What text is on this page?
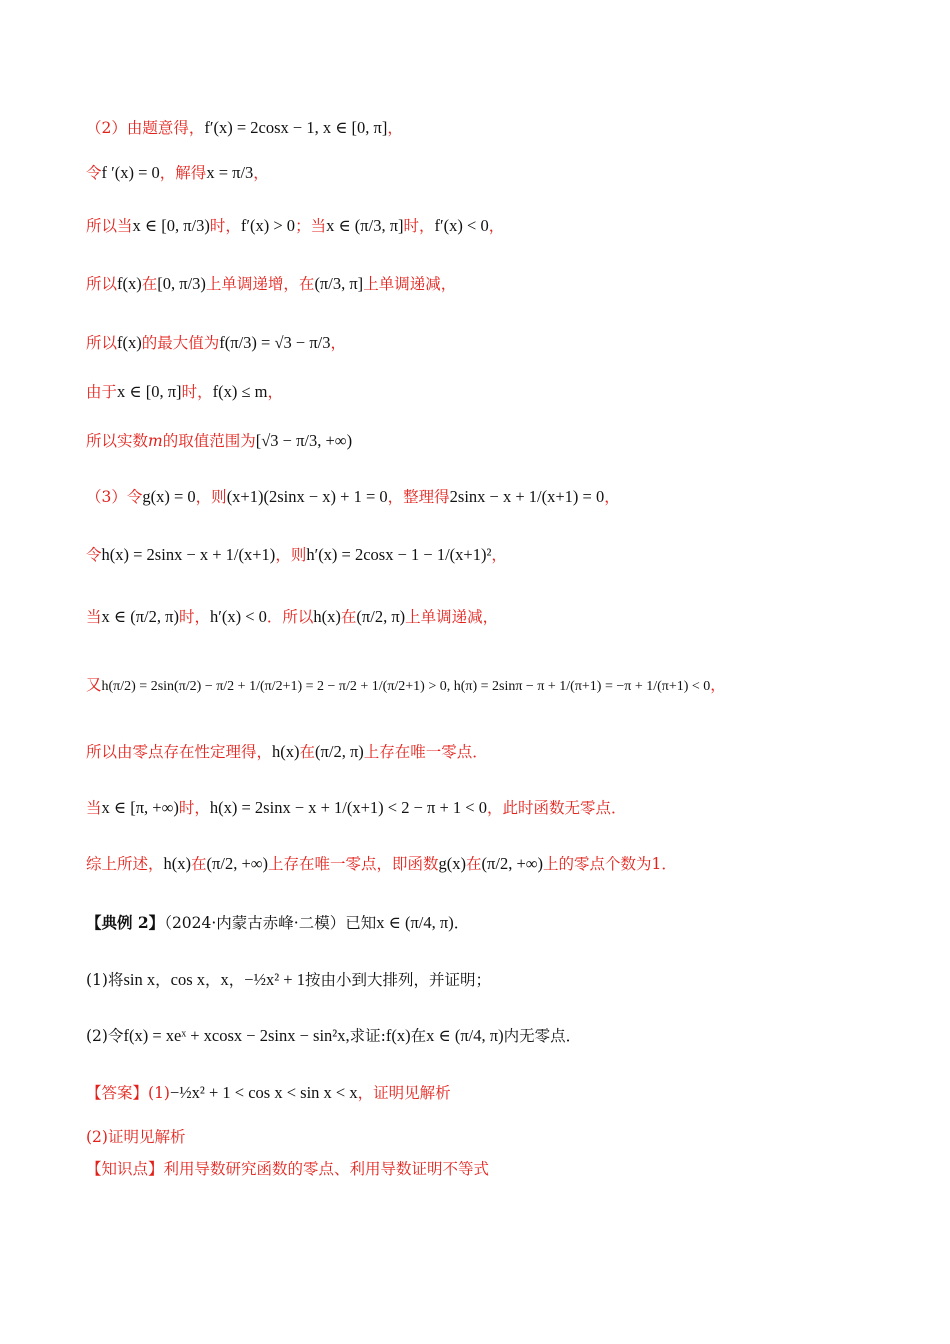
（2）由题意得，f′(x) = 2cosx − 1, x ∈ [0, π]，
令f ′(x) = 0，解得x = π/3，
所以当x ∈ [0, π/3)时，f′(x) > 0；当x ∈ (π/3, π]时，f′(x) < 0，
所以f(x)在[0, π/3)上单调递增，在(π/3, π]上单调递减，
所以f(x)的最大值为f(π/3) = √3 − π/3，
由于x ∈ [0, π]时，f(x) ≤ m，
所以实数m的取值范围为[√3 − π/3, +∞)
（3）令g(x) = 0，则(x+1)(2sinx − x) + 1 = 0，整理得2sinx − x + 1/(x+1) = 0，
令h(x) = 2sinx − x + 1/(x+1)，则h′(x) = 2cosx − 1 − 1/(x+1)²，
当x ∈ (π/2, π)时，h′(x) < 0．所以h(x)在(π/2, π)上单调递减，
又h(π/2) = 2sin(π/2) − π/2 + 1/(π/2+1) = 2 − π/2 + 1/(π/2+1) > 0, h(π) = 2sinπ − π + 1/(π+1) = −π + 1/(π+1) < 0，
所以由零点存在性定理得，h(x)在(π/2, π)上存在唯一零点．
当x ∈ [π, +∞)时，h(x) = 2sinx − x + 1/(x+1) < 2 − π + 1 < 0，此时函数无零点．
综上所述，h(x)在(π/2, +∞)上存在唯一零点，即函数g(x)在(π/2, +∞)上的零点个数为1．
【典例 2】（2024·内蒙古赤峰·二模）已知x ∈ (π/4, π)．
(1)将sin x，cos x，x，−½x² + 1按由小到大排列，并证明；
(2)令f(x) = xeˣ + xcosx − 2sinx − sin²x,求证:f(x)在x ∈ (π/4, π)内无零点．
【答案】(1)−½x² + 1 < cos x < sin x < x，证明见解析
(2)证明见解析
【知识点】利用导数研究函数的零点、利用导数证明不等式
